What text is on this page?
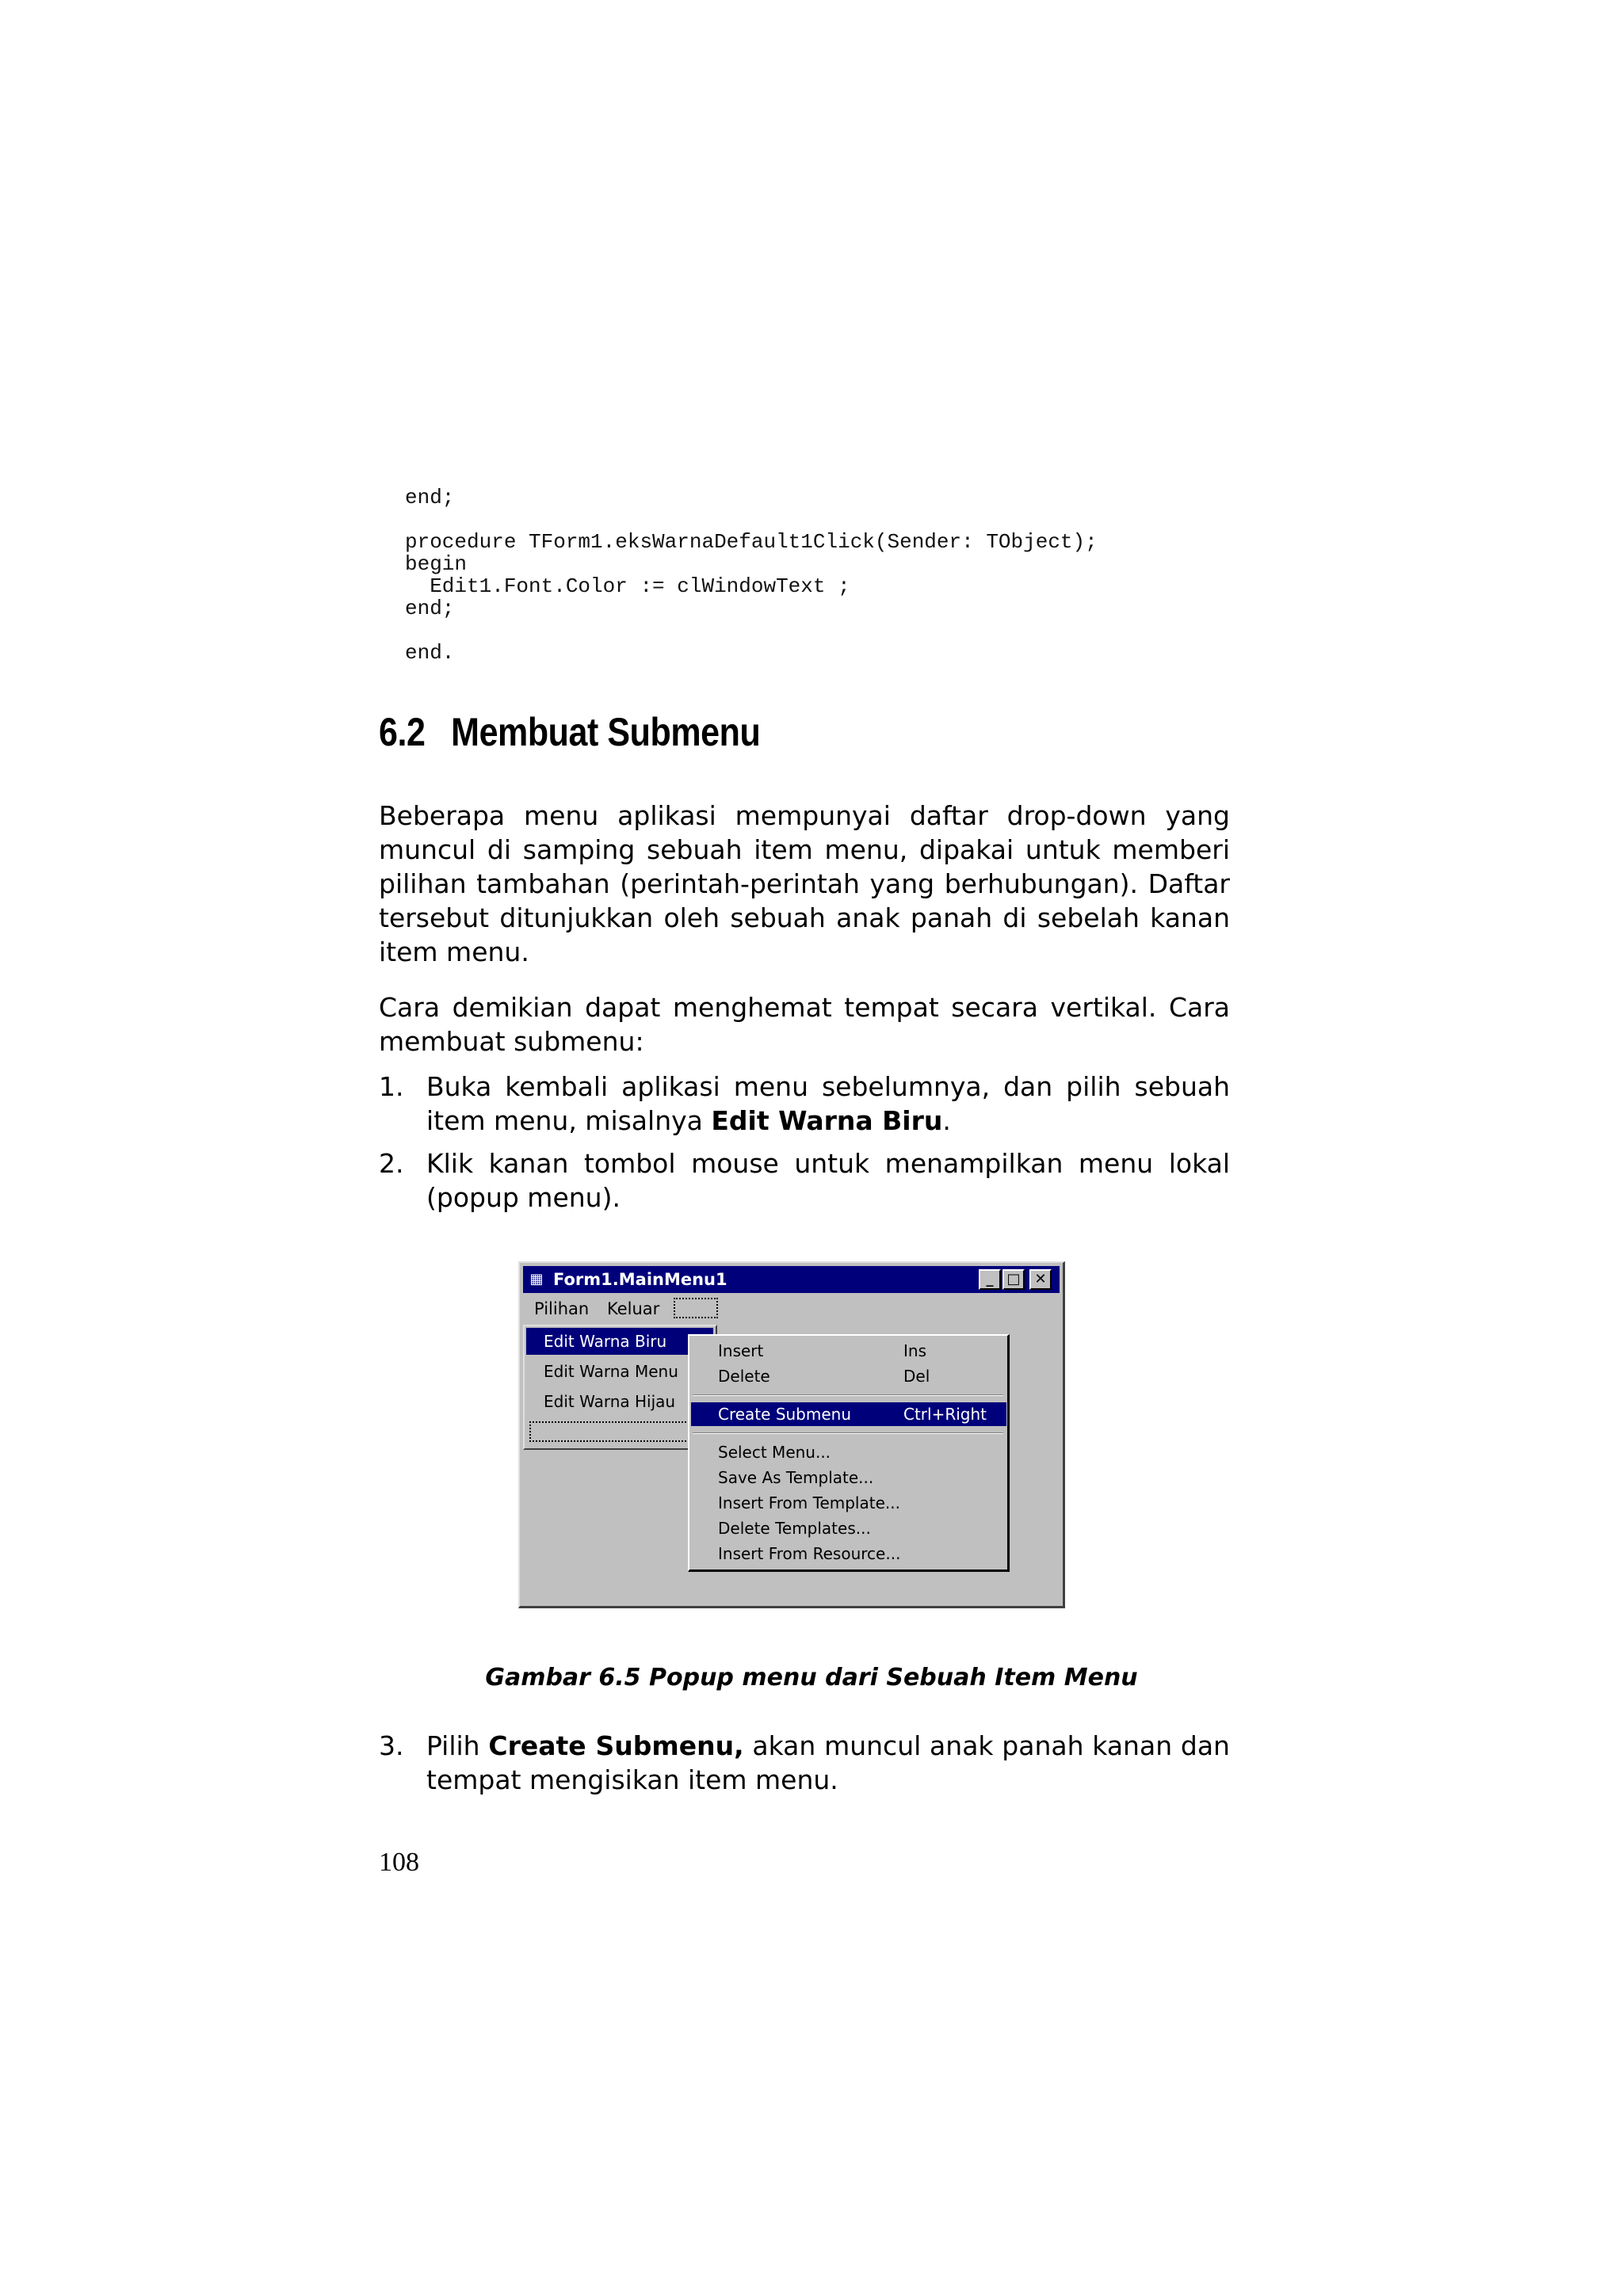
end;
procedure TForm1.eksWarnaDefault1Click(Sender: TObject);
begin
Edit1.Font.Color := clWindowText ;
end;
end.
6.2 Membuat Submenu

Beberapa menu aplikasi mempunyai daftar drop-down yang muncul di samping sebuah item menu, dipakai untuk memberi pilihan tambahan (perintah-perintah yang berhubungan). Daftar tersebut ditunjukkan oleh sebuah anak panah di sebelah kanan item menu.

Cara demikian dapat menghemat tempat secara vertikal. Cara membuat submenu:

1. Buka kembali aplikasi menu sebelumnya, dan pilih sebuah item menu, misalnya Edit Warna Biru.
2. Klik kanan tombol mouse untuk menampilkan menu lokal (popup menu).
▦ Form1.MainMenu1	_ □ ✕
Pilihan Keluar
Edit Warna Biru
Edit Warna Menu
Edit Warna Hijau
Insert	Ins
Delete	Del
Create Submenu	Ctrl+Right
Select Menu...
Save As Template...
Insert From Template...
Delete Templates...
Insert From Resource...

Gambar 6.5 Popup menu dari Sebuah Item Menu

3. Pilih Create Submenu, akan muncul anak panah kanan dan tempat mengisikan item menu.

108
